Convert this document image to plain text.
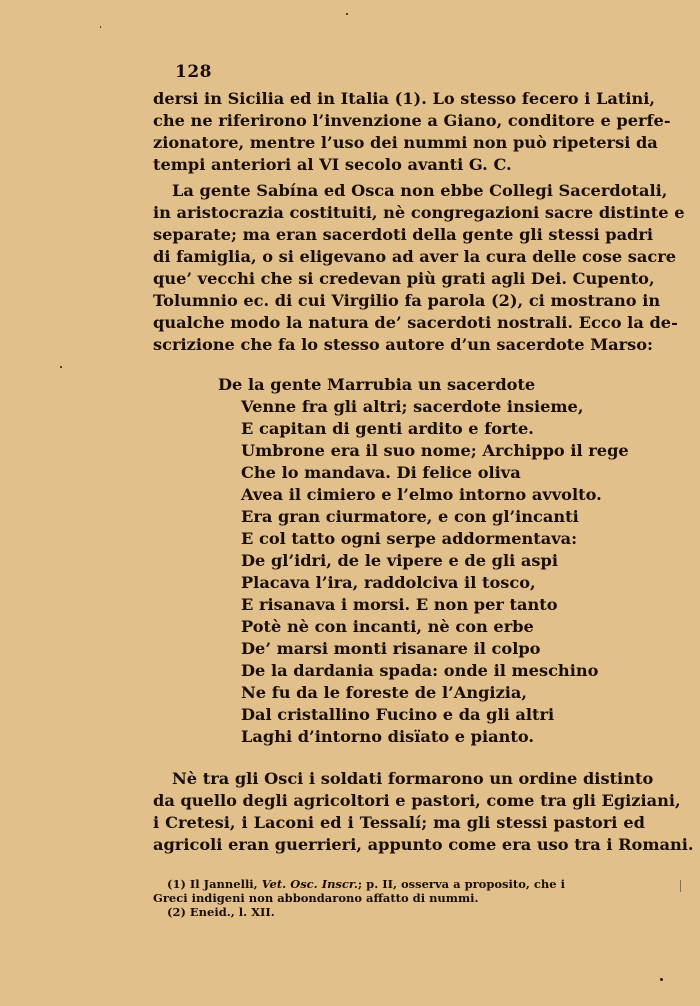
128
dersi in Sicilia ed in Italia (1). Lo stesso fecero i Latini,
che ne riferirono l’invenzione a Giano, conditore e perfe-
zionatore, mentre l’uso dei nummi non può ripetersi da
tempi anteriori al VI secolo avanti G. C.
La gente Sabína ed Osca non ebbe Collegi Sacerdotali,
in aristocrazia costituiti, nè congregazioni sacre distinte e
separate; ma eran sacerdoti della gente gli stessi padri
di famiglia, o si eligevano ad aver la cura delle cose sacre
que’ vecchi che si credevan più grati agli Dei. Cupento,
Tolumnio ec. di cui Virgilio fa parola (2), ci mostrano in
qualche modo la natura de’ sacerdoti nostrali. Ecco la de-
scrizione che fa lo stesso autore d’un sacerdote Marso:
De la gente Marrubia un sacerdote
Venne fra gli altri; sacerdote insieme,
E capitan di genti ardito e forte.
Umbrone era il suo nome; Archippo il rege
Che lo mandava. Di felice oliva
Avea il cimiero e l’elmo intorno avvolto.
Era gran ciurmatore, e con gl’incanti
E col tatto ogni serpe addormentava:
De gl’idri, de le vipere e de gli aspi
Placava l’ira, raddolciva il tosco,
E risanava i morsi. E non per tanto
Potè nè con incanti, nè con erbe
De’ marsi monti risanare il colpo
De la dardania spada: onde il meschino
Ne fu da le foreste de l’Angizia,
Dal cristallino Fucino e da gli altri
Laghi d’intorno disïato e pianto.
Nè tra gli Osci i soldati formarono un ordine distinto
da quello degli agricoltori e pastori, come tra gli Egiziani,
i Cretesi, i Laconi ed i Tessalí; ma gli stessi pastori ed
agricoli eran guerrieri, appunto come era uso tra i Romani.
(1) Il Jannelli, Vet. Osc. Inscr.; p. II, osserva a proposito, che i
Greci indigeni non abbondarono affatto di nummi.
(2) Eneid., l. XII.
